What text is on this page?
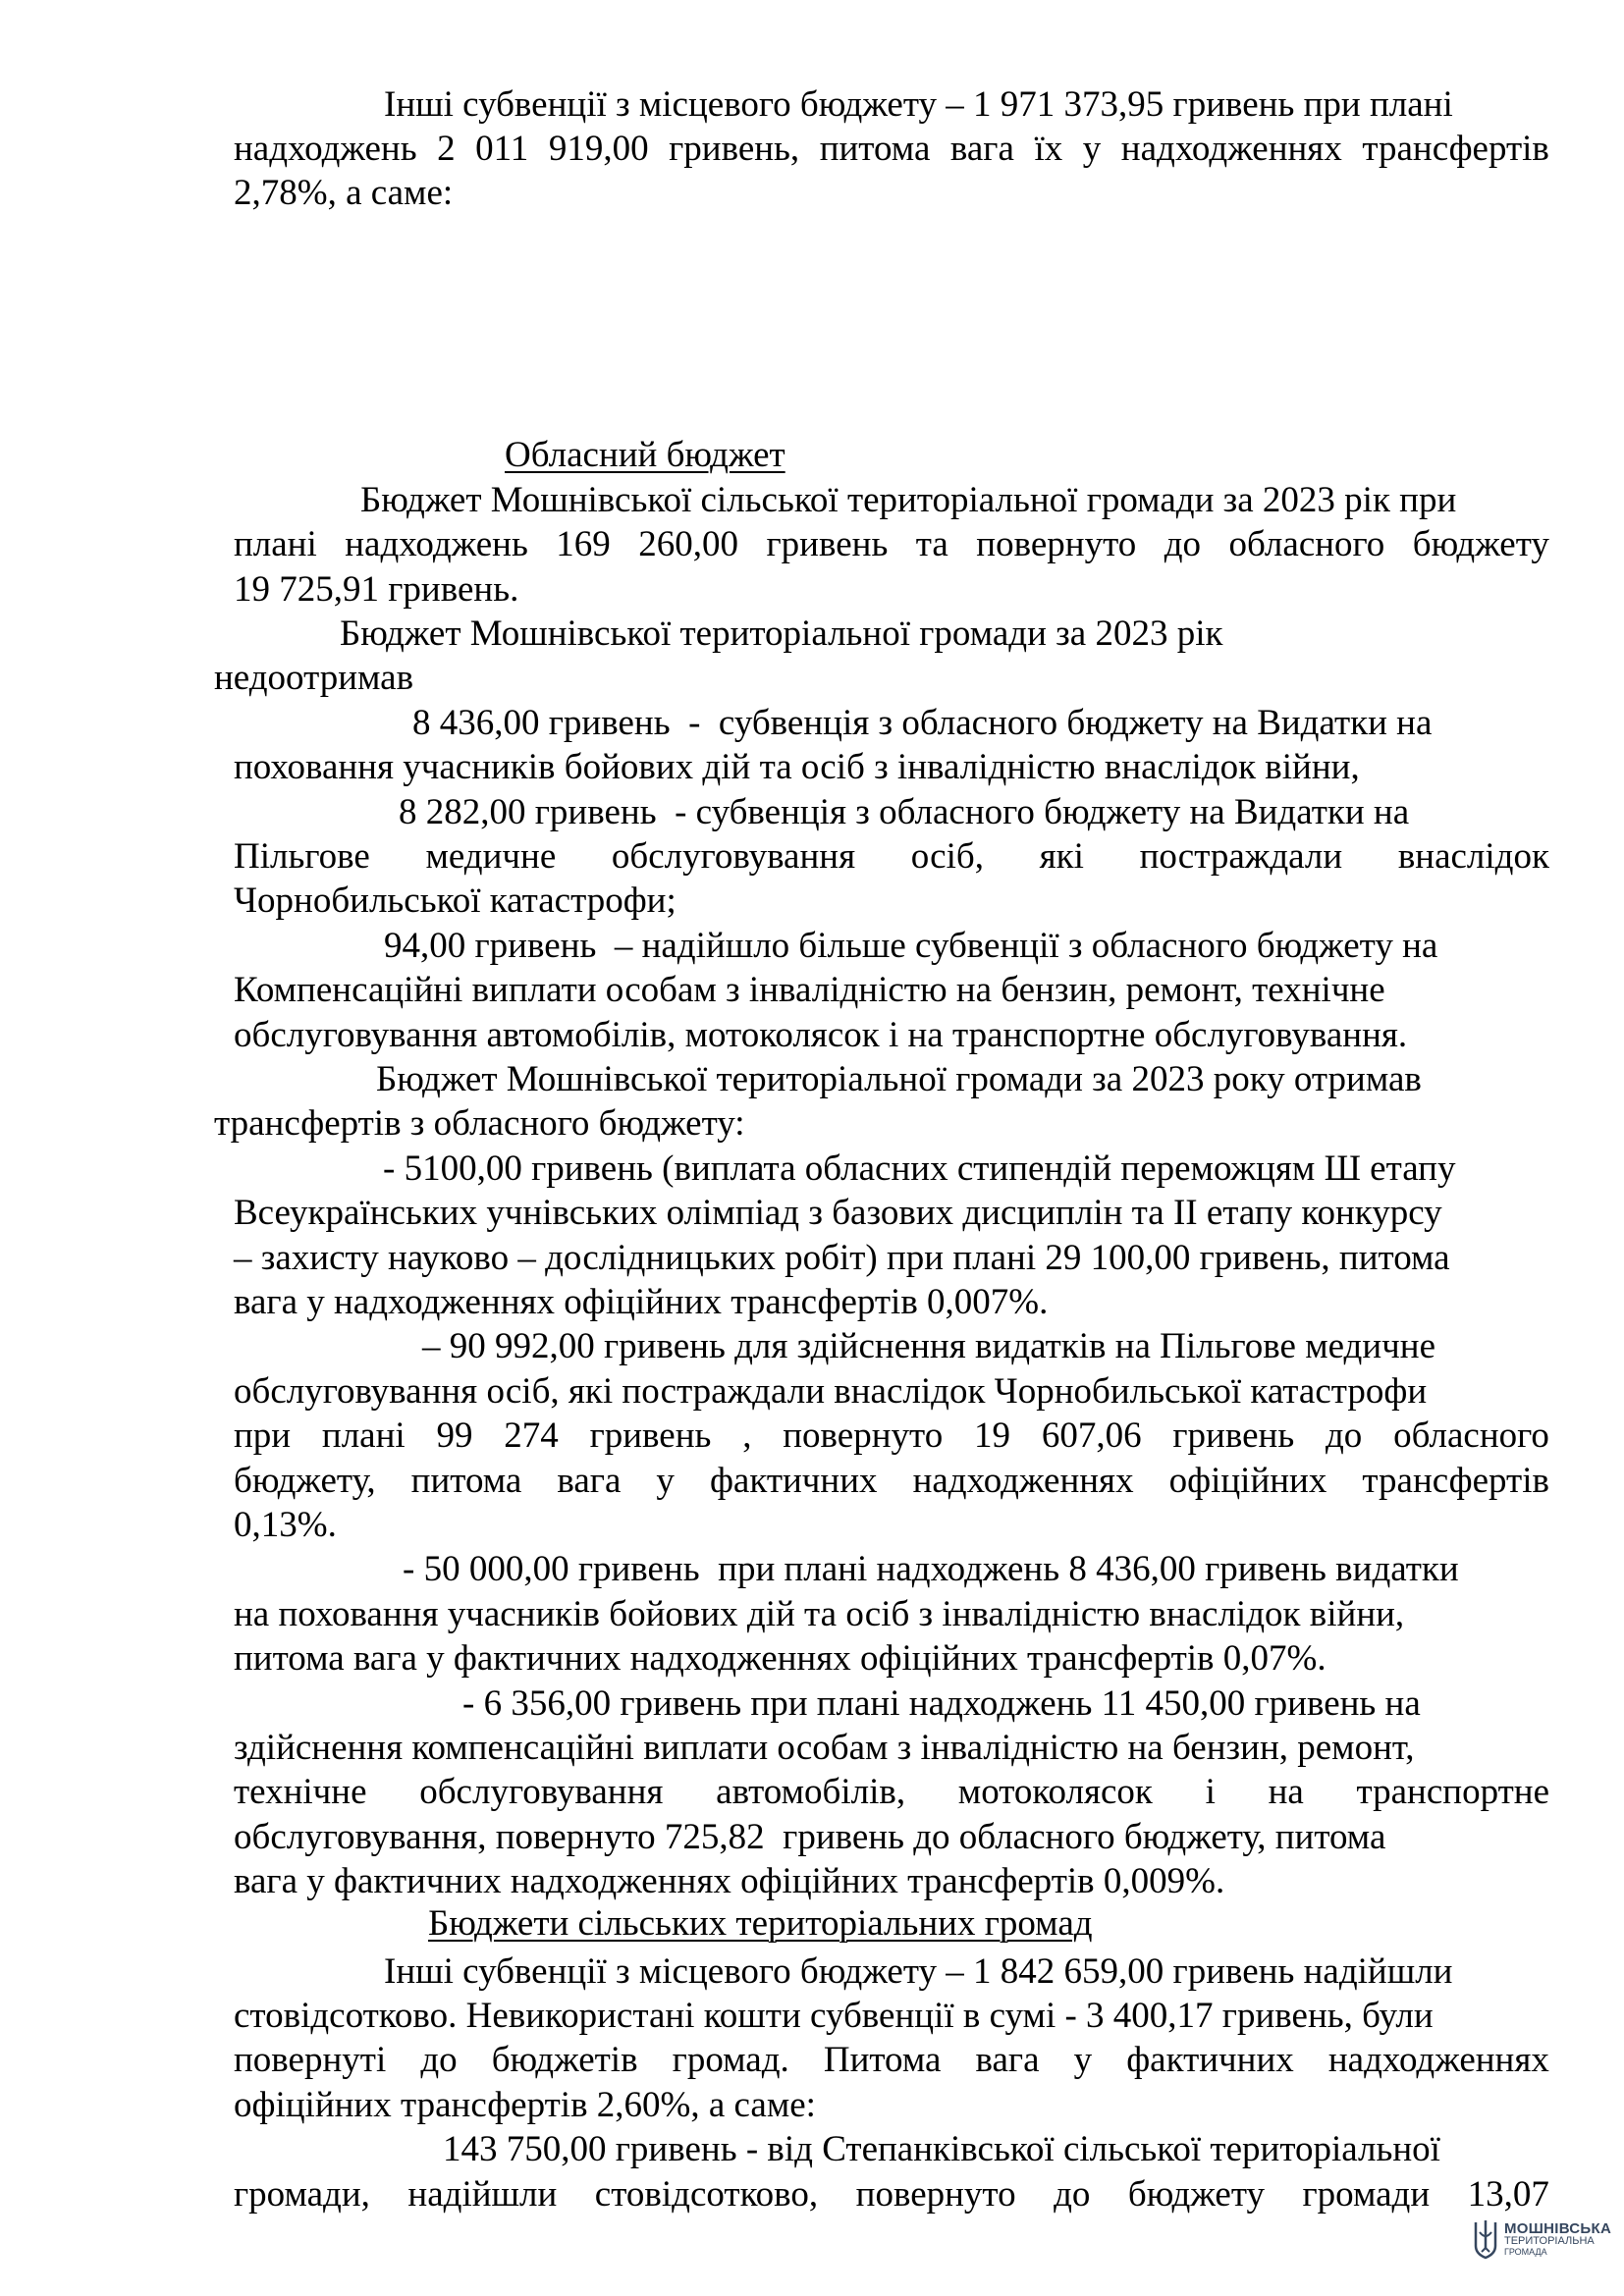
Інші субвенції з місцевого бюджету – 1 971 373,95 гривень при плані
надходжень 2 011 919,00 гривень, питома вага їх у надходженнях трансфертів
2,78%, а саме:
Обласний бюджет
Бюджет Мошнівської сільської територіальної громади за 2023 рік при
плані надходжень 169 260,00 гривень та повернуто до обласного бюджету
19 725,91 гривень.
Бюджет Мошнівської територіальної громади за 2023 рік
недоотримав
8 436,00 гривень  -  субвенція з обласного бюджету на Видатки на
поховання учасників бойових дій та осіб з інвалідністю внаслідок війни,
8 282,00 гривень  - субвенція з обласного бюджету на Видатки на
Пільгове медичне обслуговування осіб, які постраждали внаслідок
Чорнобильської катастрофи;
94,00 гривень  – надійшло більше субвенції з обласного бюджету на
Компенсаційні виплати особам з інвалідністю на бензин, ремонт, технічне
обслуговування автомобілів, мотоколясок і на транспортне обслуговування.
Бюджет Мошнівської територіальної громади за 2023 року отримав
трансфертів з обласного бюджету:
- 5100,00 гривень (виплата обласних стипендій переможцям Ш етапу
Всеукраїнських учнівських олімпіад з базових дисциплін та II етапу конкурсу
– захисту науково – дослідницьких робіт) при плані 29 100,00 гривень, питома
вага у надходженнях офіційних трансфертів 0,007%.
– 90 992,00 гривень для здійснення видатків на Пільгове медичне
обслуговування осіб, які постраждали внаслідок Чорнобильської катастрофи
при плані 99 274 гривень , повернуто 19 607,06 гривень до обласного
бюджету, питома вага у фактичних надходженнях офіційних трансфертів
0,13%.
- 50 000,00 гривень  при плані надходжень 8 436,00 гривень видатки
на поховання учасників бойових дій та осіб з інвалідністю внаслідок війни,
питома вага у фактичних надходженнях офіційних трансфертів 0,07%.
- 6 356,00 гривень при плані надходжень 11 450,00 гривень на
здійснення компенсаційні виплати особам з інвалідністю на бензин, ремонт,
технічне обслуговування автомобілів, мотоколясок і на транспортне
обслуговування, повернуто 725,82  гривень до обласного бюджету, питома
вага у фактичних надходженнях офіційних трансфертів 0,009%.
Бюджети сільських територіальних громад
Інші субвенції з місцевого бюджету – 1 842 659,00 гривень надійшли
стовідсотково. Невикористані кошти субвенції в сумі - 3 400,17 гривень, були
повернуті до бюджетів громад. Питома вага у фактичних надходженнях
офіційних трансфертів 2,60%, а саме:
143 750,00 гривень - від Степанківської сільської територіальної
громади, надійшли стовідсотково, повернуто до бюджету громади 13,07
МОШНІВСЬКА
ТЕРИТОРІАЛЬНА
ГРОМАДА
